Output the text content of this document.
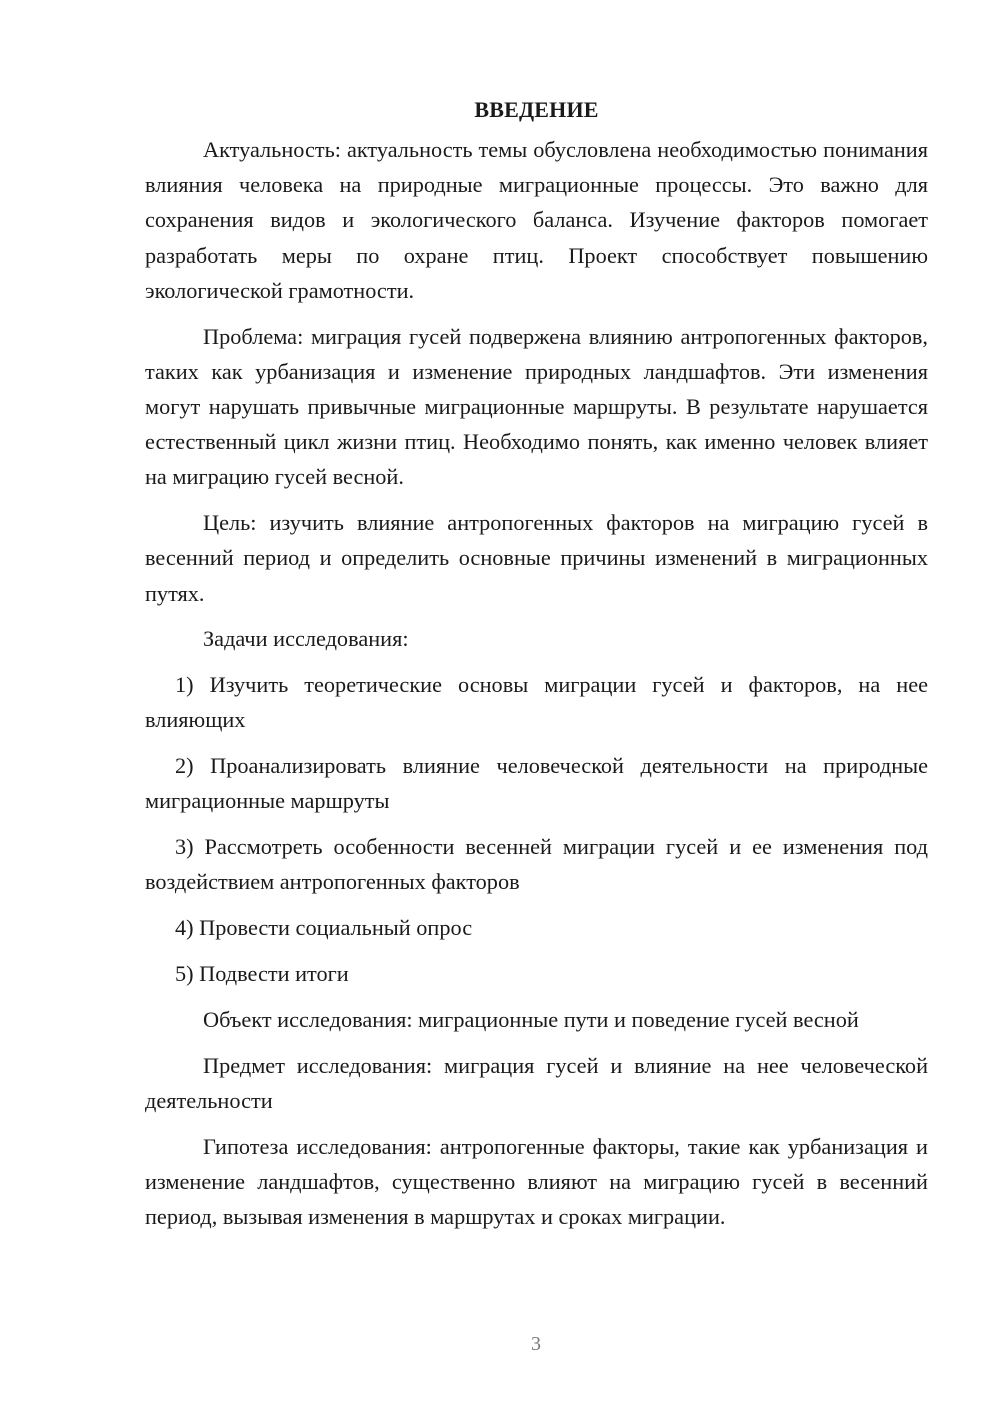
ВВЕДЕНИЕ

Актуальность: актуальность темы обусловлена необходимостью понимания влияния человека на природные миграционные процессы. Это важно для сохранения видов и экологического баланса. Изучение факторов помогает разработать меры по охране птиц. Проект способствует повышению экологической грамотности.

Проблема: миграция гусей подвержена влиянию антропогенных факторов, таких как урбанизация и изменение природных ландшафтов. Эти изменения могут нарушать привычные миграционные маршруты. В результате нарушается естественный цикл жизни птиц. Необходимо понять, как именно человек влияет на миграцию гусей весной.

Цель: изучить влияние антропогенных факторов на миграцию гусей в весенний период и определить основные причины изменений в миграционных путях.

Задачи исследования:

1) Изучить теоретические основы миграции гусей и факторов, на нее влияющих

2) Проанализировать влияние человеческой деятельности на природные миграционные маршруты

3) Рассмотреть особенности весенней миграции гусей и ее изменения под воздействием антропогенных факторов

4) Провести социальный опрос

5) Подвести итоги

Объект исследования: миграционные пути и поведение гусей весной

Предмет исследования: миграция гусей и влияние на нее человеческой деятельности

Гипотеза исследования: антропогенные факторы, такие как урбанизация и изменение ландшафтов, существенно влияют на миграцию гусей в весенний период, вызывая изменения в маршрутах и сроках миграции.

3
